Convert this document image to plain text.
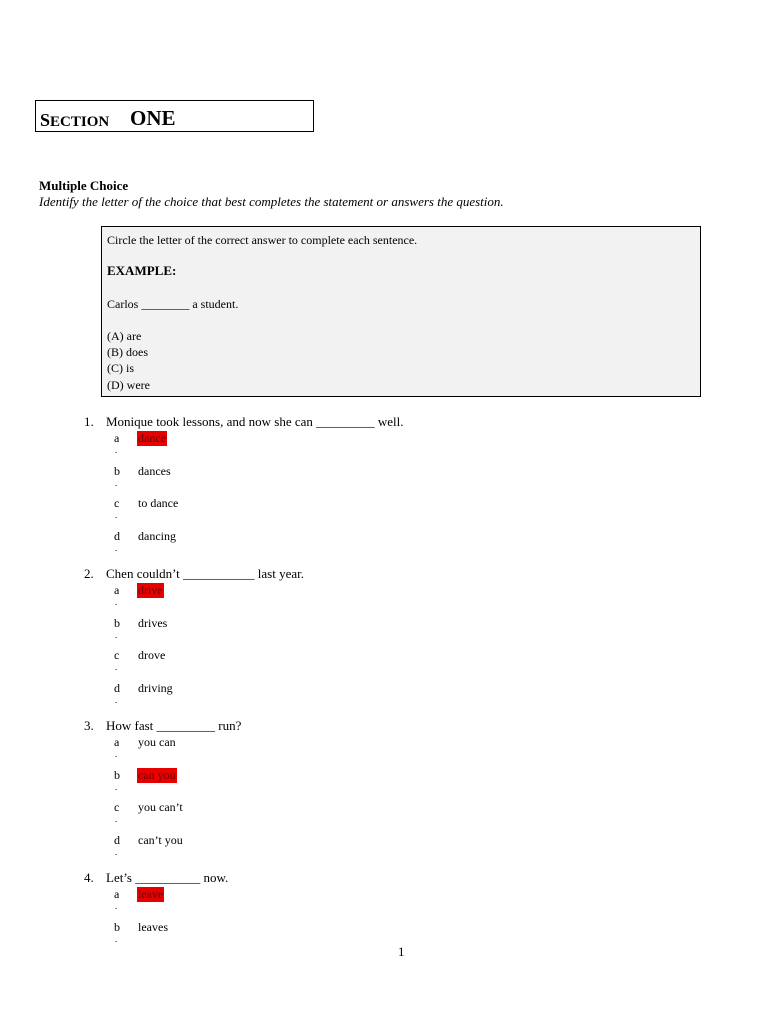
SECTION ONE
Multiple Choice
Identify the letter of the choice that best completes the statement or answers the question.
Circle the letter of the correct answer to complete each sentence.
EXAMPLE:
Carlos ________ a student.
(A) are
(B) does
(C) is
(D) were
1. Monique took lessons, and now she can _________ well.
a
.
dance
b
.
dances
c
.
to dance
d
.
dancing
2. Chen couldn’t ___________ last year.
a
.
drive
b
.
drives
c
.
drove
d
.
driving
3. How fast _________ run?
a
.
you can
b
.
can you
c
.
you can’t
d
.
can’t you
4. Let’s __________ now.
a
.
leave
b
.
leaves
1
